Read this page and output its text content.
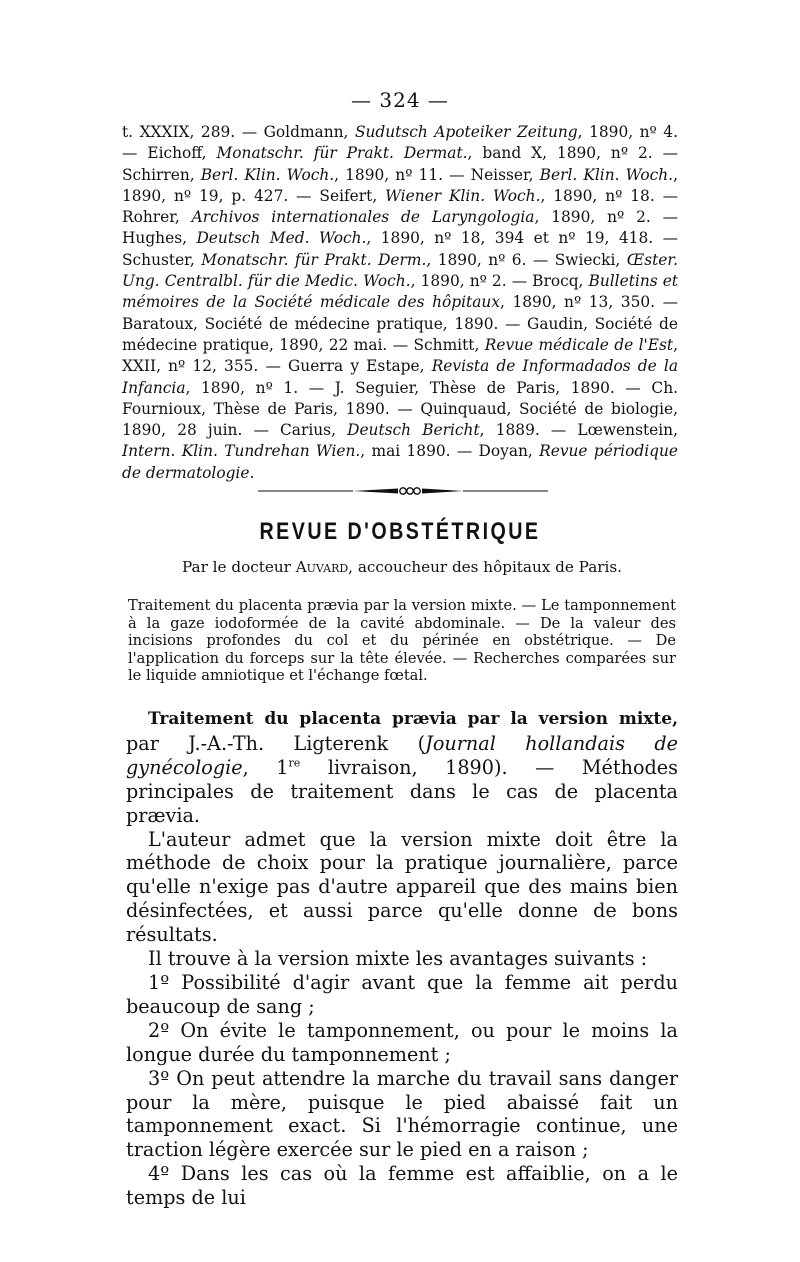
— 324 —
t. XXXIX, 289. — Goldmann, Sudutsch Apoteiker Zeitung, 1890, nº 4. — Eichoff, Monatschr. für Prakt. Dermat., band X, 1890, nº 2. — Schirren, Berl. Klin. Woch., 1890, nº 11. — Neisser, Berl. Klin. Woch., 1890, nº 19, p. 427. — Seifert, Wiener Klin. Woch., 1890, nº 18. — Rohrer, Archivos internationales de Laryngologia, 1890, nº 2. — Hughes, Deutsch Med. Woch., 1890, nº 18, 394 et nº 19, 418. — Schuster, Monatschr. für Prakt. Derm., 1890, nº 6. — Swiecki, Œster. Ung. Centralbl. für die Medic. Woch., 1890, nº 2. — Brocq, Bulletins et mémoires de la Société médicale des hôpitaux, 1890, nº 13, 350. — Baratoux, Société de médecine pratique, 1890. — Gaudin, Société de médecine pratique, 1890, 22 mai. — Schmitt, Revue médicale de l'Est, XXII, nº 12, 355. — Guerra y Estape, Revista de Informadados de la Infancia, 1890, nº 1. — J. Seguier, Thèse de Paris, 1890. — Ch. Fournioux, Thèse de Paris, 1890. — Quinquaud, Société de biologie, 1890, 28 juin. — Carius, Deutsch Bericht, 1889. — Lœwenstein, Intern. Klin. Tundrehan Wien., mai 1890. — Doyan, Revue périodique de dermatologie.
REVUE D'OBSTÉTRIQUE
Par le docteur Auvard, accoucheur des hôpitaux de Paris.
Traitement du placenta prævia par la version mixte. — Le tamponnement à la gaze iodoformée de la cavité abdominale. — De la valeur des incisions profondes du col et du périnée en obstétrique. — De l'application du forceps sur la tête élevée. — Recherches comparées sur le liquide amniotique et l'échange fœtal.

Traitement du placenta prævia par la version mixte, par J.-A.-Th. Ligterenk (Journal hollandais de gynécologie, 1re livraison, 1890). — Méthodes principales de traitement dans le cas de placenta prævia.

L'auteur admet que la version mixte doit être la méthode de choix pour la pratique journalière, parce qu'elle n'exige pas d'autre appareil que des mains bien désinfectées, et aussi parce qu'elle donne de bons résultats.

Il trouve à la version mixte les avantages suivants :

1º Possibilité d'agir avant que la femme ait perdu beaucoup de sang ;

2º On évite le tamponnement, ou pour le moins la longue durée du tamponnement ;

3º On peut attendre la marche du travail sans danger pour la mère, puisque le pied abaissé fait un tamponnement exact. Si l'hémorragie continue, une traction légère exercée sur le pied en a raison ;

4º Dans les cas où la femme est affaiblie, on a le temps de lui
